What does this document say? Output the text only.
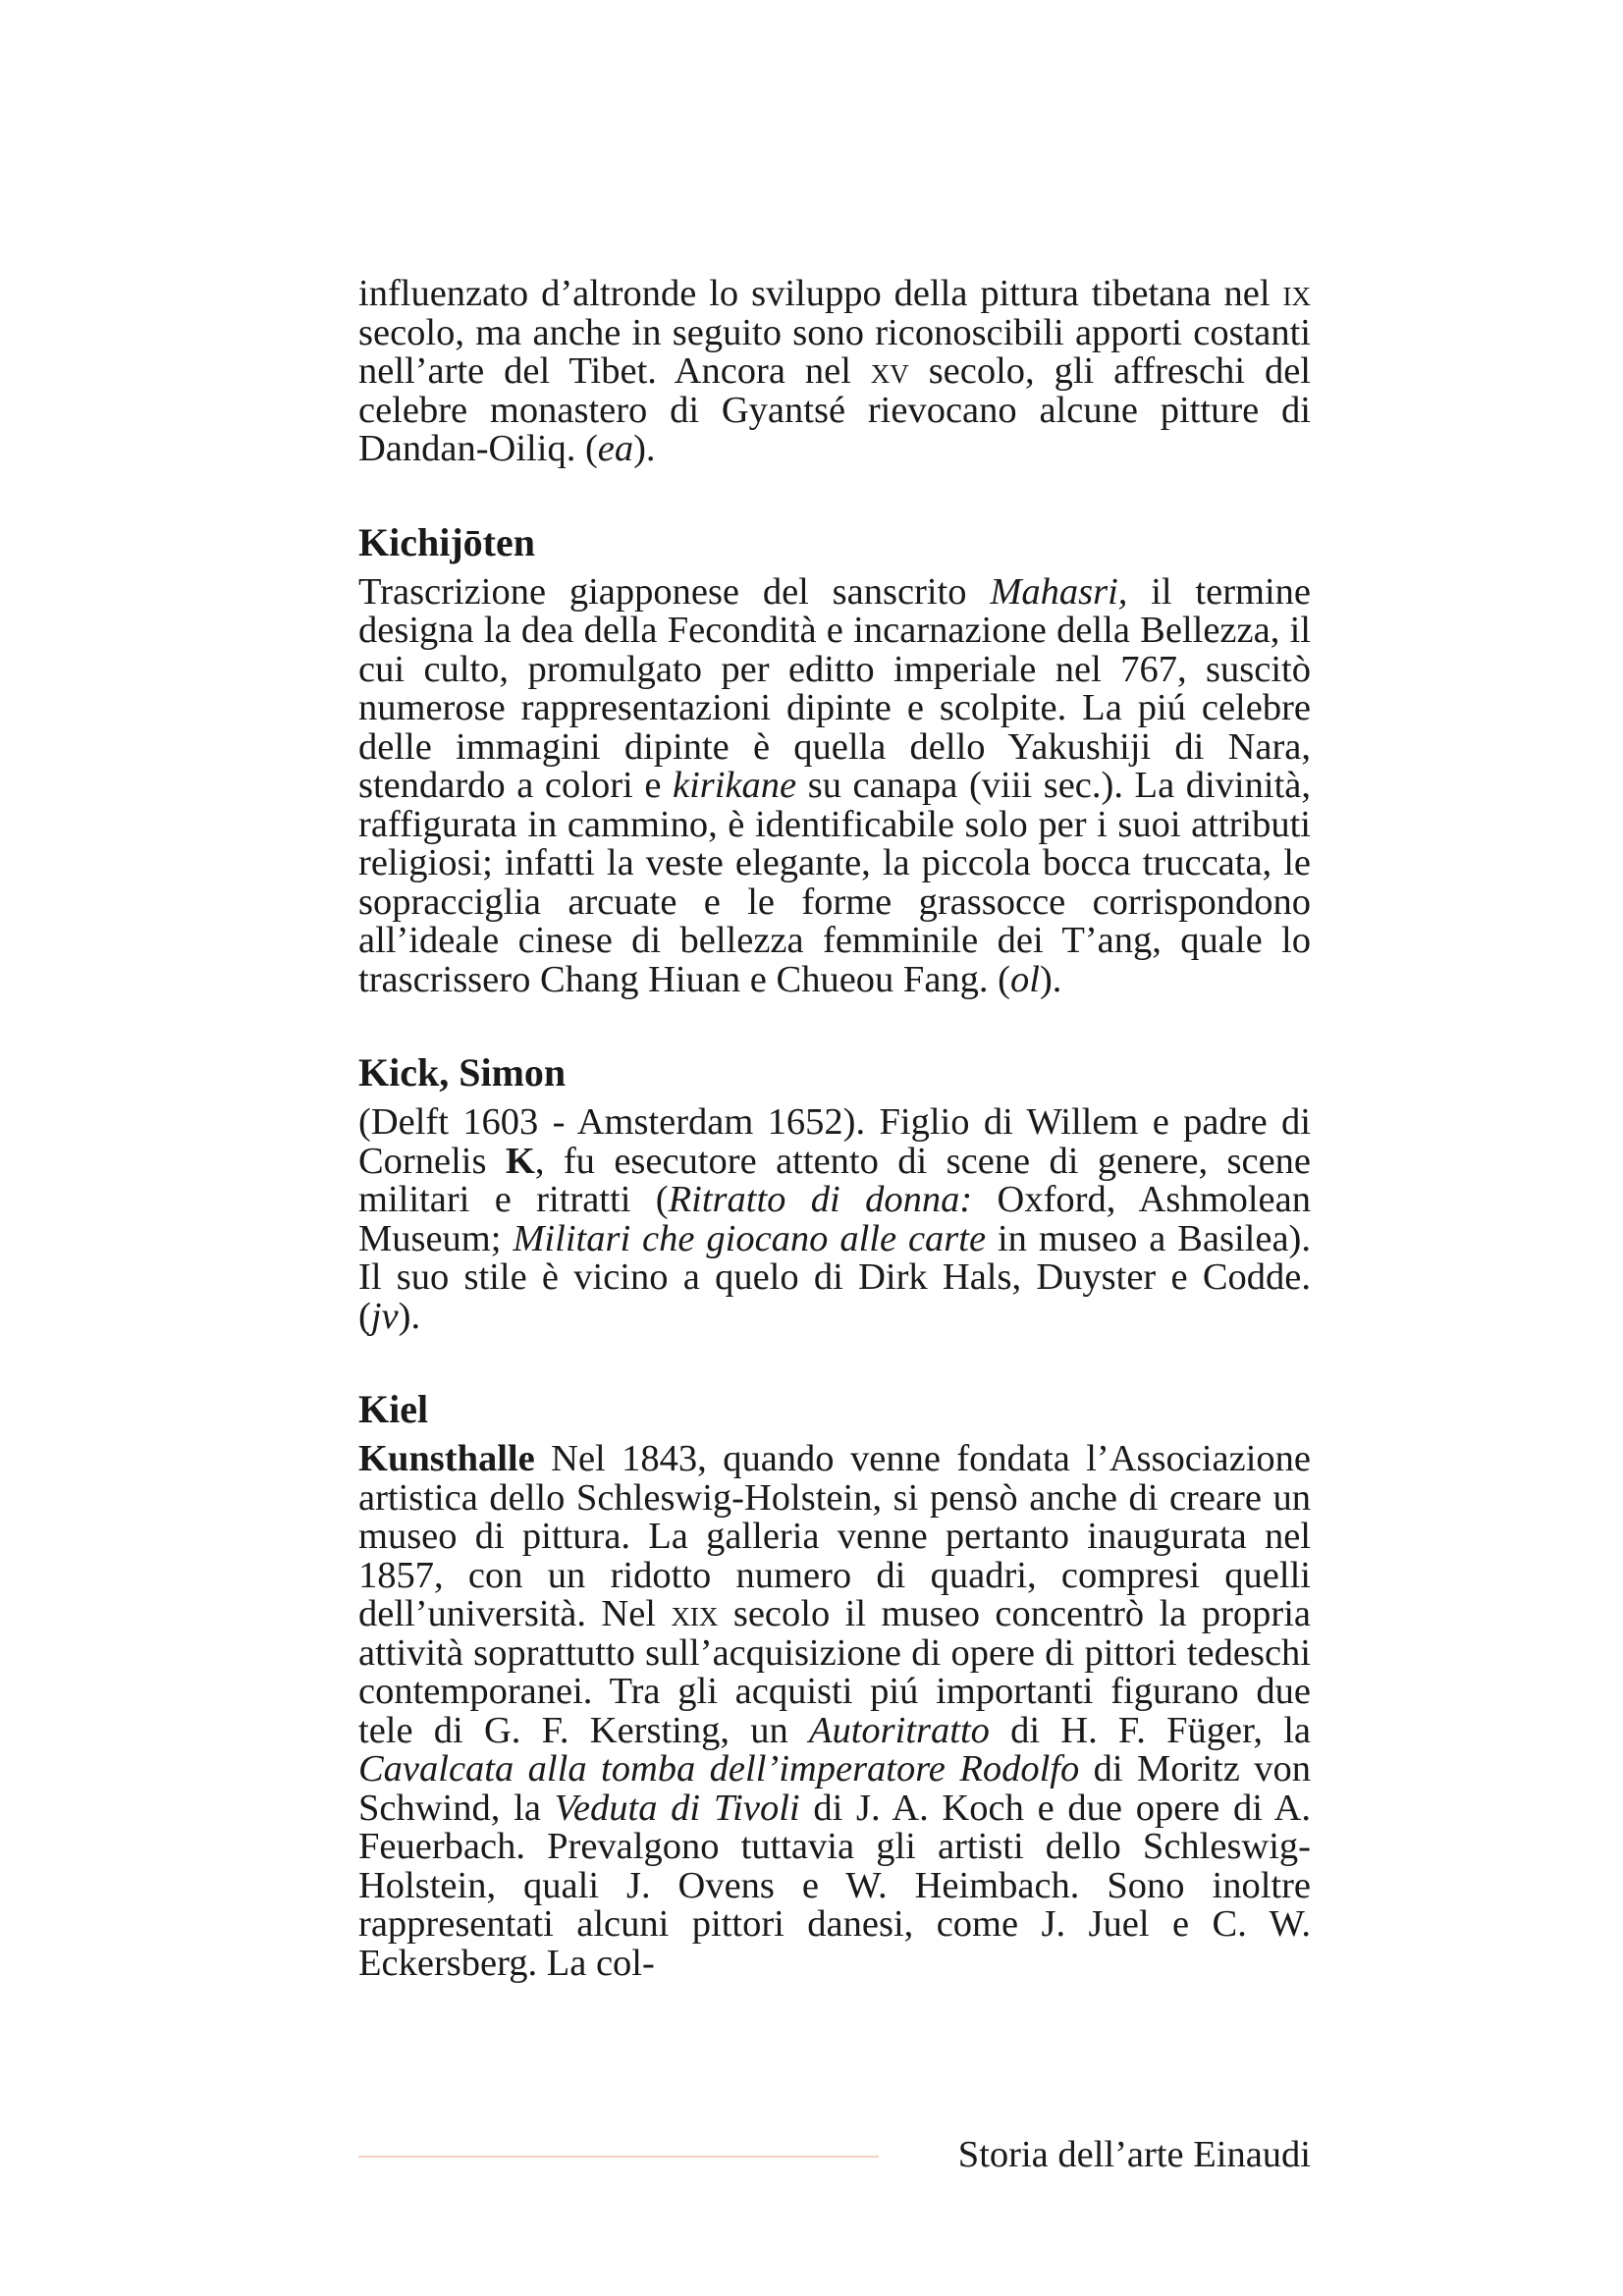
influenzato d’altronde lo sviluppo della pittura tibetana nel ix secolo, ma anche in seguito sono riconoscibili apporti costanti nell’arte del Tibet. Ancora nel xv secolo, gli affreschi del celebre monastero di Gyantsé rievocano alcune pitture di Dandan-Oiliq. (ea).

Kichijōten

Trascrizione giapponese del sanscrito Mahasri, il termine designa la dea della Fecondità e incarnazione della Bellezza, il cui culto, promulgato per editto imperiale nel 767, suscitò numerose rappresentazioni dipinte e scolpite. La piú celebre delle immagini dipinte è quella dello Yakushiji di Nara, stendardo a colori e kirikane su canapa (viii sec.). La divinità, raffigurata in cammino, è identificabile solo per i suoi attributi religiosi; infatti la veste elegante, la piccola bocca truccata, le sopracciglia arcuate e le forme grassocce corrispondono all’ideale cinese di bellezza femminile dei T’ang, quale lo trascrissero Chang Hiuan e Chueou Fang. (ol).

Kick, Simon

(Delft 1603 - Amsterdam 1652). Figlio di Willem e padre di Cornelis K, fu esecutore attento di scene di genere, scene militari e ritratti (Ritratto di donna: Oxford, Ashmolean Museum; Militari che giocano alle carte in museo a Basilea). Il suo stile è vicino a quelo di Dirk Hals, Duyster e Codde. (jv).

Kiel

Kunsthalle Nel 1843, quando venne fondata l’Associazione artistica dello Schleswig-Holstein, si pensò anche di creare un museo di pittura. La galleria venne pertanto inaugurata nel 1857, con un ridotto numero di quadri, compresi quelli dell’università. Nel xix secolo il museo concentrò la propria attività soprattutto sull’acquisizione di opere di pittori tedeschi contemporanei. Tra gli acquisti piú importanti figurano due tele di G. F. Kersting, un Autoritratto di H. F. Füger, la Cavalcata alla tomba dell’imperatore Rodolfo di Moritz von Schwind, la Veduta di Tivoli di J. A. Koch e due opere di A. Feuerbach. Prevalgono tuttavia gli artisti dello Schleswig-Holstein, quali J. Ovens e W. Heimbach. Sono inoltre rappresentati alcuni pittori danesi, come J. Juel e C. W. Eckersberg. La col-

Storia dell’arte Einaudi
